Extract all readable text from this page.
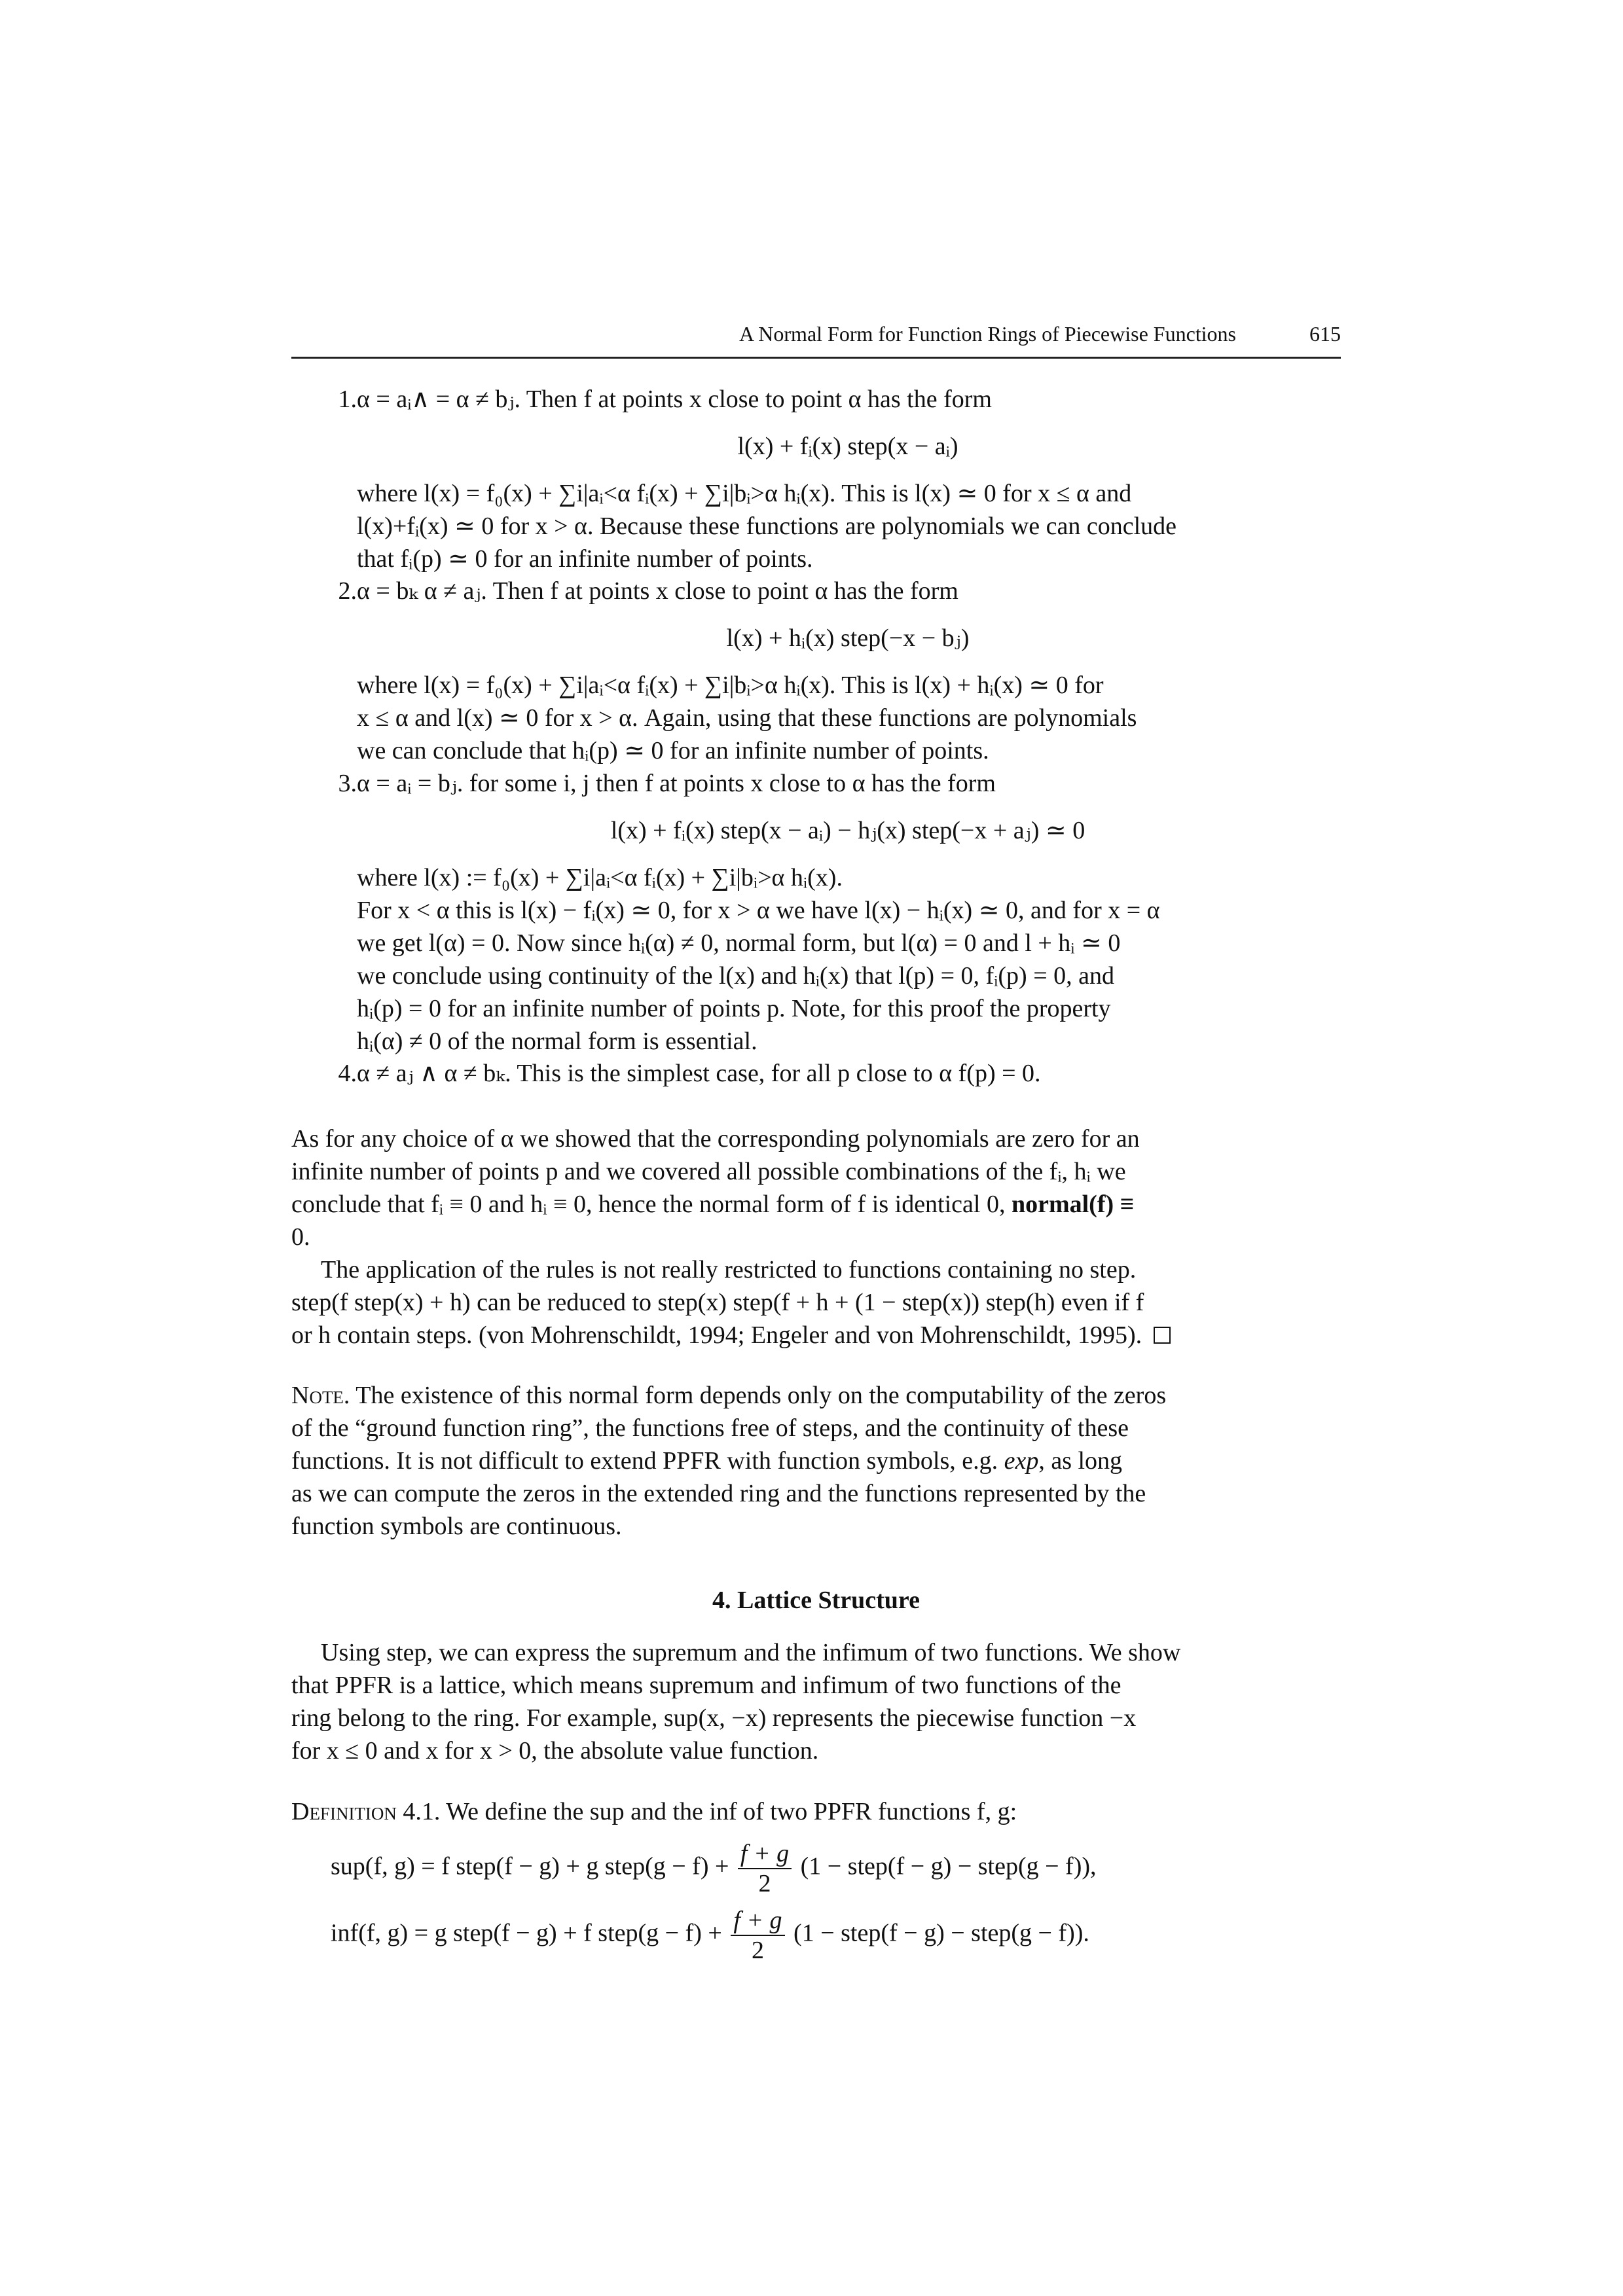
A Normal Form for Function Rings of Piecewise Functions	615
1. α = aᵢ∧ = α ≠ bⱼ. Then f at points x close to point α has the form
l(x) + fᵢ(x) step(x − aᵢ)
where l(x) = f₀(x) + ∑i|aᵢ<α fᵢ(x) + ∑i|bᵢ>α hᵢ(x). This is l(x) ≃ 0 for x ≤ α and
l(x)+fᵢ(x) ≃ 0 for x > α. Because these functions are polynomials we can conclude
that fᵢ(p) ≃ 0 for an infinite number of points.
2. α = bₖ α ≠ aⱼ. Then f at points x close to point α has the form
l(x) + hᵢ(x) step(−x − bⱼ)
where l(x) = f₀(x) + ∑i|aᵢ<α fᵢ(x) + ∑i|bᵢ>α hᵢ(x). This is l(x) + hᵢ(x) ≃ 0 for
x ≤ α and l(x) ≃ 0 for x > α. Again, using that these functions are polynomials
we can conclude that hᵢ(p) ≃ 0 for an infinite number of points.
3. α = aᵢ = bⱼ. for some i, j then f at points x close to α has the form
l(x) + fᵢ(x) step(x − aᵢ) − hⱼ(x) step(−x + aⱼ) ≃ 0
where l(x) := f₀(x) + ∑i|aᵢ<α fᵢ(x) + ∑i|bᵢ>α hᵢ(x).
For x < α this is l(x) − fᵢ(x) ≃ 0, for x > α we have l(x) − hᵢ(x) ≃ 0, and for x = α
we get l(α) = 0. Now since hᵢ(α) ≠ 0, normal form, but l(α) = 0 and l + hᵢ ≃ 0
we conclude using continuity of the l(x) and hᵢ(x) that l(p) = 0, fᵢ(p) = 0, and
hᵢ(p) = 0 for an infinite number of points p. Note, for this proof the property
hᵢ(α) ≠ 0 of the normal form is essential.
4. α ≠ aⱼ ∧ α ≠ bₖ. This is the simplest case, for all p close to α f(p) = 0.
As for any choice of α we showed that the corresponding polynomials are zero for an
infinite number of points p and we covered all possible combinations of the fᵢ, hᵢ we
conclude that fᵢ ≡ 0 and hᵢ ≡ 0, hence the normal form of f is identical 0, normal(f) ≡
0.
The application of the rules is not really restricted to functions containing no step.
step(f step(x) + h) can be reduced to step(x) step(f + h + (1 − step(x)) step(h) even if f
or h contain steps. (von Mohrenschildt, 1994; Engeler and von Mohrenschildt, 1995).
Note. The existence of this normal form depends only on the computability of the zeros
of the “ground function ring”, the functions free of steps, and the continuity of these
functions. It is not difficult to extend PPFR with function symbols, e.g. exp, as long
as we can compute the zeros in the extended ring and the functions represented by the
function symbols are continuous.
4. Lattice Structure
Using step, we can express the supremum and the infimum of two functions. We show
that PPFR is a lattice, which means supremum and infimum of two functions of the
ring belong to the ring. For example, sup(x, −x) represents the piecewise function −x
for x ≤ 0 and x for x > 0, the absolute value function.
Definition 4.1. We define the sup and the inf of two PPFR functions f, g:
sup(f, g) = f step(f − g) + g step(g − $f) + \frac{f + g}{2} (1$ − step(f − g) − step(g − f)),
inf(f, g) = g step(f − g) + f step(g − $f) + \frac{f + g}{2} (1$ − step(f − g) − step(g − f)).
